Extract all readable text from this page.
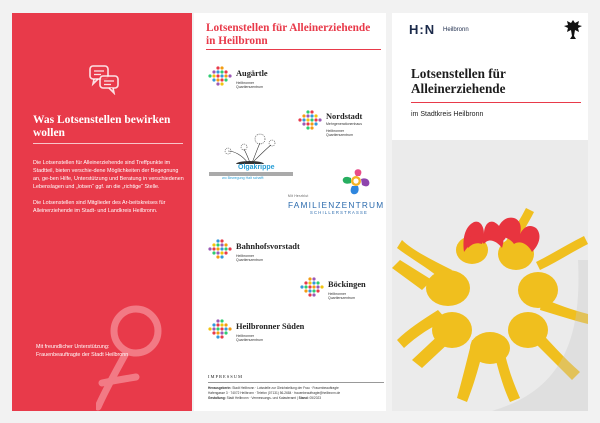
Was Lotsenstellen bewirken wollen

Die Lotsenstellen für Alleinerziehende sind Treffpunkte im Stadtteil, bieten verschie-dene Möglichkeiten der Begegnung an, ge-ben Hilfe, Unterstützung und Beratung in verschiedenen Lebenslagen und „lotsen“ ggf. an die „richtige“ Stelle.

Die Lotsenstellen sind Mitglieder des Ar-beitskreises für Alleinerziehende im Stadt- und Landkreis Heilbronn.

Mit freundlicher Unterstützung: Frauenbeauftragte der Stadt Heilbronn
Lotsenstellen für Alleinerziehende in Heilbronn
Augärtle
Heilbronner
Quartierszentrum
Nordstadt
Mehrgenerationenhaus
Heilbronner
Quartierszentrum
Olgakrippe
wo Bewegung Halt schafft
Mit Herzblut
FAMILIENZENTRUM
SCHILLERSTRASSE
Bahnhofsvorstadt
Heilbronner
Quartierszentrum
Böckingen
Heilbronner
Quartierszentrum
Heilbronner Süden
Heilbronner
Quartierszentrum
IMPRESSUM
Herausgeberin: Stadt Heilbronn · Lotsstelle zur Gleichstellung der Frau · Frauenbeauftragte
Hafengasse 3 · 74072 Heilbronn · Telefon (07131) 56-2684 · frauenbeauftragte@heilbronn.de
Gestaltung: Stadt Heilbronn · Vermessungs- und Katasteramt | Stand: 05/2023
H:N Heilbronn
Lotsenstellen für Alleinerziehende
im Stadtkreis Heilbronn
